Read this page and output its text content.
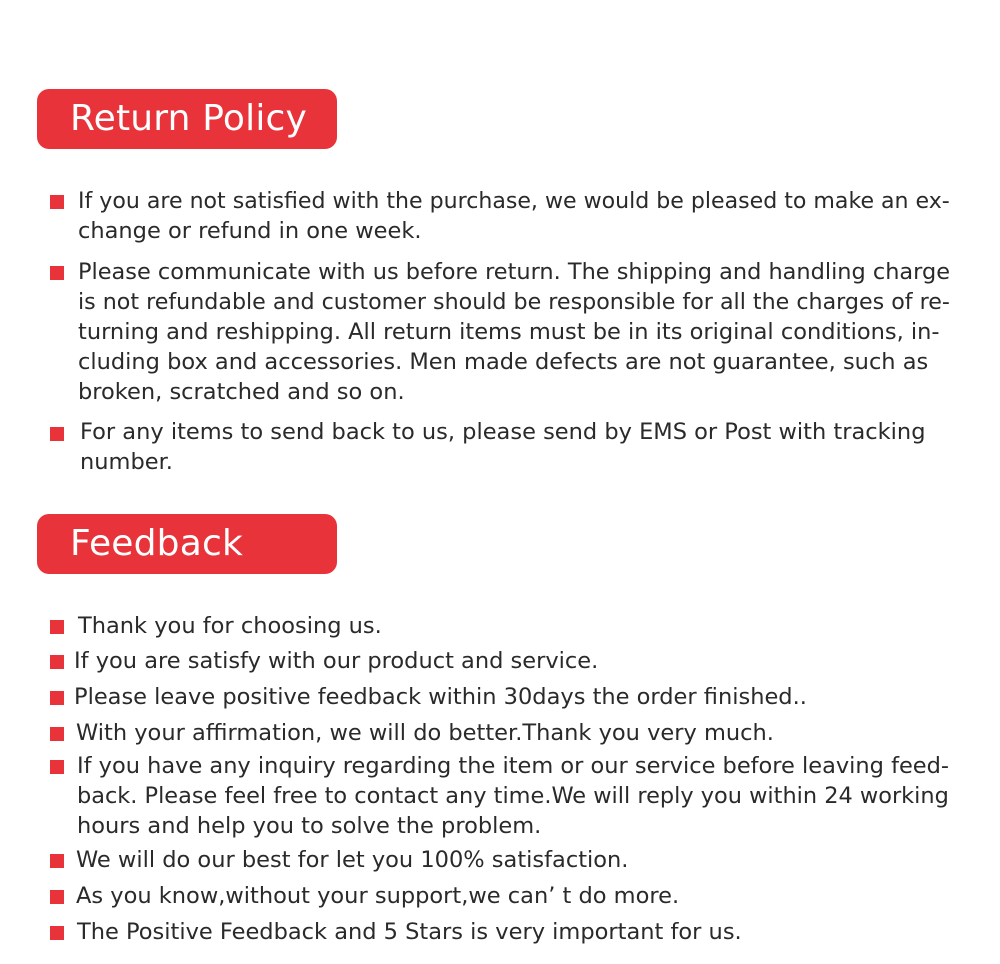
Return Policy
If you are not satisfied with the purchase, we would be pleased to make an ex-
change or refund in one week.
Please communicate with us before return. The shipping and handling charge
is not refundable and customer should be responsible for all the charges of re-
turning and reshipping. All return items must be in its original conditions, in-
cluding box and accessories. Men made defects are not guarantee, such as
broken, scratched and so on.
For any items to send back to us, please send by EMS or Post with tracking
number.
Feedback
Thank you for choosing us.
If you are satisfy with our product and service.
Please leave positive feedback within 30days the order finished..
With your affirmation, we will do better.Thank you very much.
If you have any inquiry regarding the item or our service before leaving feed-
back. Please feel free to contact any time.We will reply you within 24 working
hours and help you to solve the problem.
We will do our best for let you 100% satisfaction.
As you know,without your support,we can’ t do more.
The Positive Feedback and 5 Stars is very important for us.
